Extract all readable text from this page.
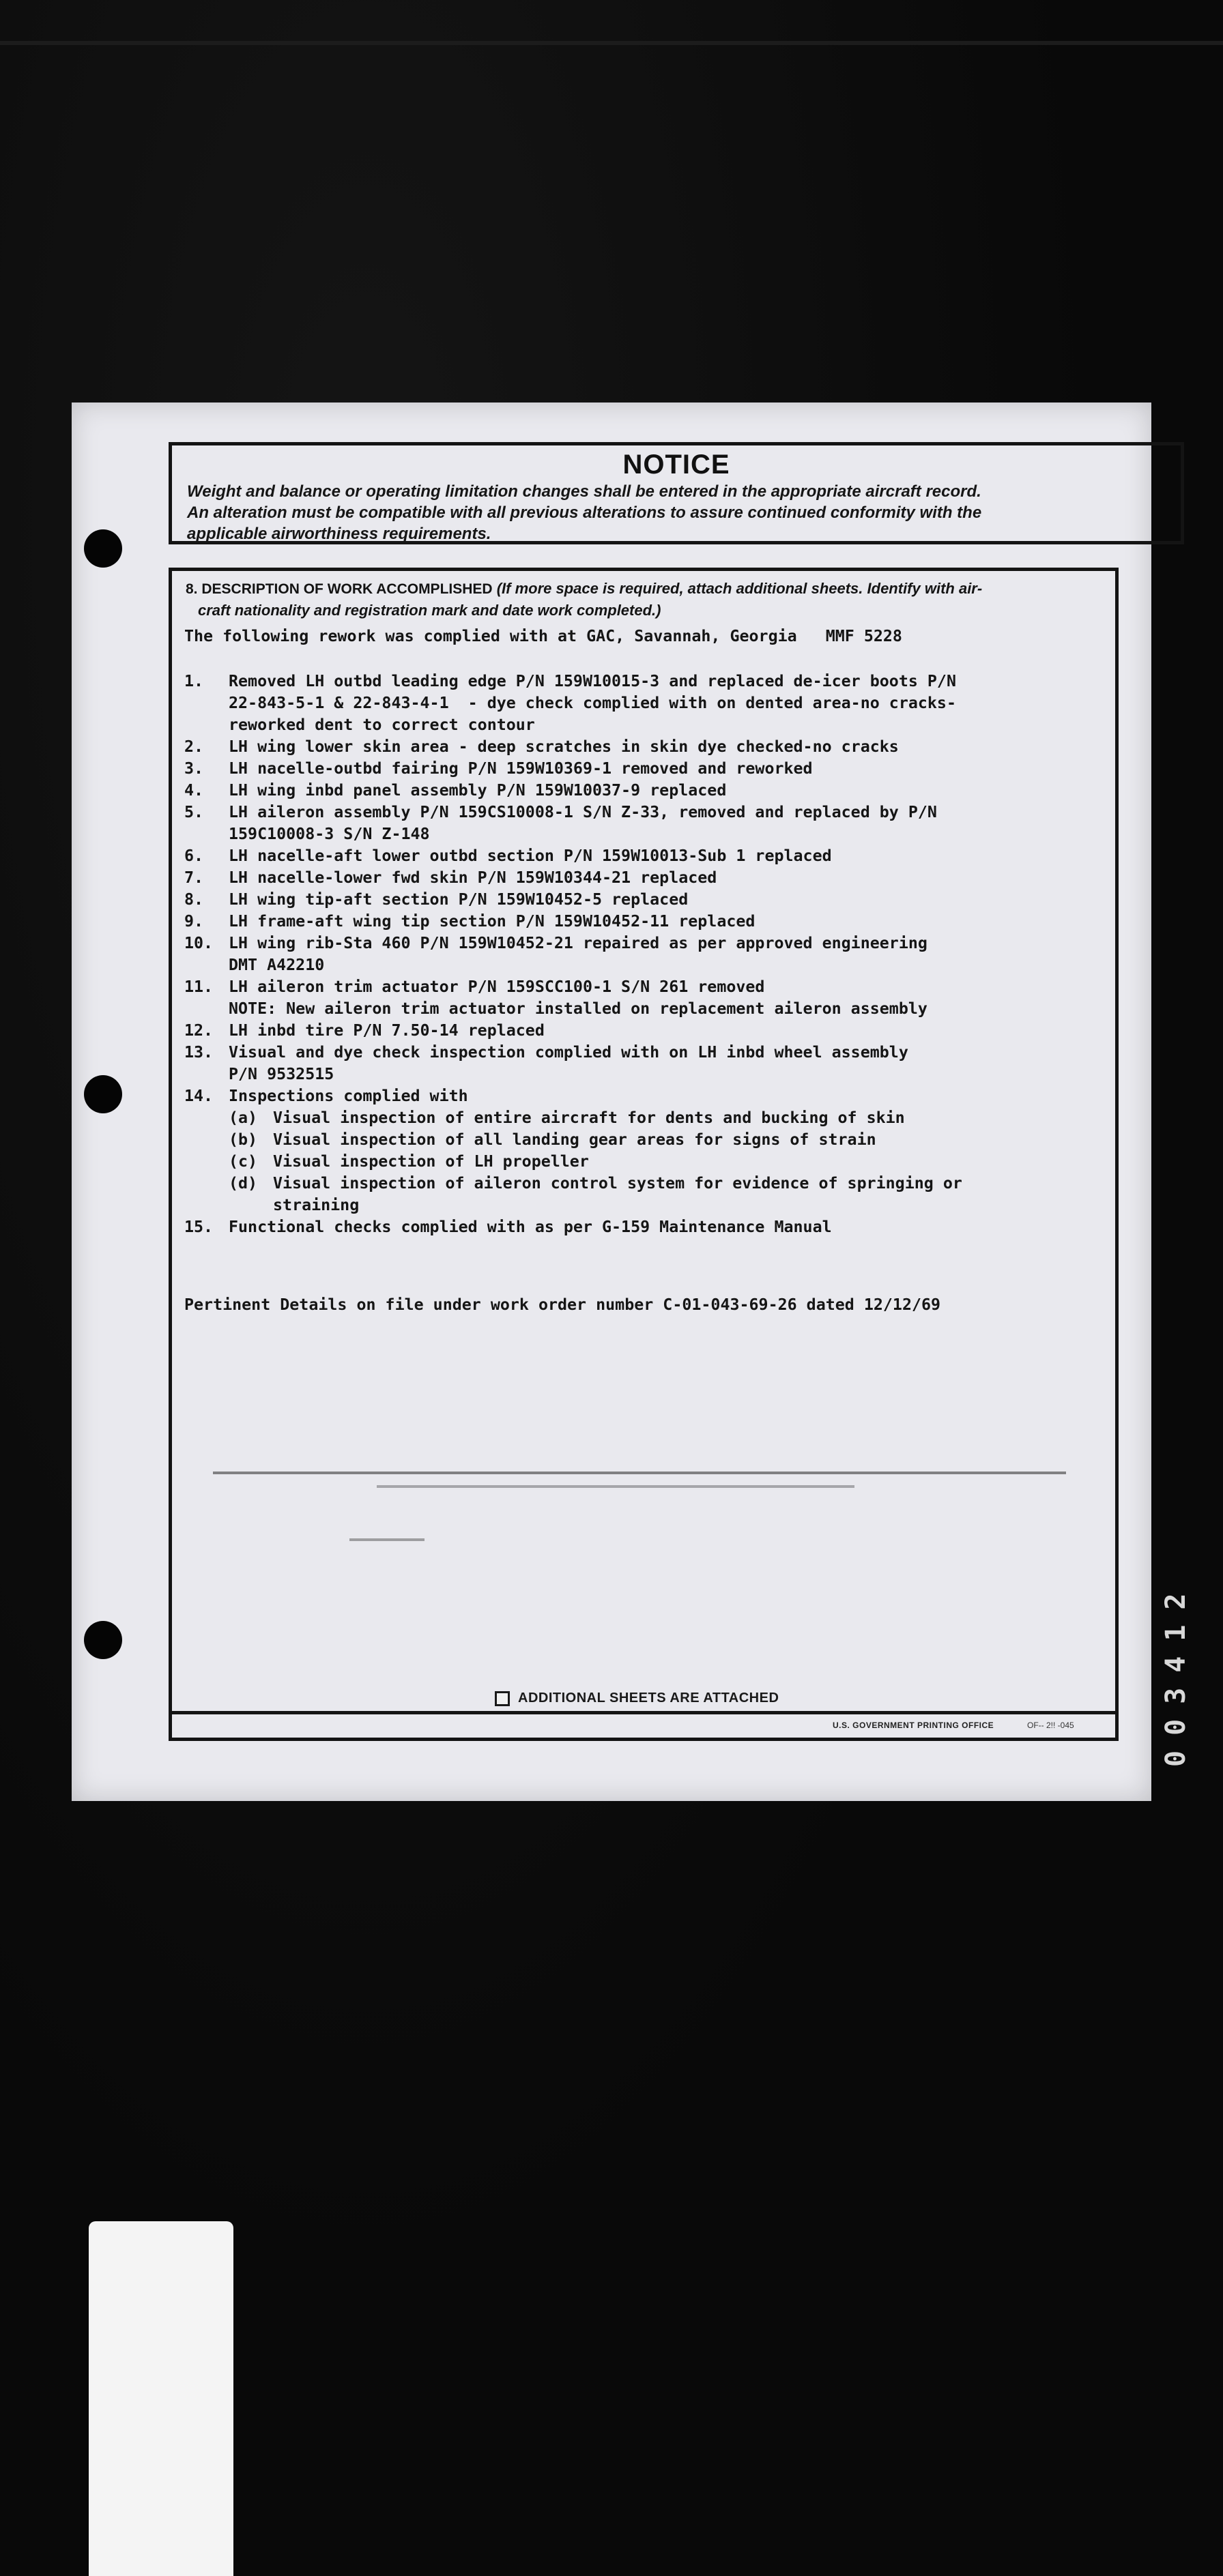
NOTICE
Weight and balance or operating limitation changes shall be entered in the appropriate aircraft record.
An alteration must be compatible with all previous alterations to assure continued conformity with the
applicable airworthiness requirements.
8. DESCRIPTION OF WORK ACCOMPLISHED (If more space is required, attach additional sheets. Identify with air-
craft nationality and registration mark and date work completed.)
The following rework was complied with at GAC, Savannah, Georgia   MMF 5228
1.	Removed LH outbd leading edge P/N 159W10015-3 and replaced de-icer boots P/N
22-843-5-1 & 22-843-4-1  - dye check complied with on dented area-no cracks-
reworked dent to correct contour
2.	LH wing lower skin area - deep scratches in skin dye checked-no cracks
3.	LH nacelle-outbd fairing P/N 159W10369-1 removed and reworked
4.	LH wing inbd panel assembly P/N 159W10037-9 replaced
5.	LH aileron assembly P/N 159CS10008-1 S/N Z-33, removed and replaced by P/N
159C10008-3 S/N Z-148
6.	LH nacelle-aft lower outbd section P/N 159W10013-Sub 1 replaced
7.	LH nacelle-lower fwd skin P/N 159W10344-21 replaced
8.	LH wing tip-aft section P/N 159W10452-5 replaced
9.	LH frame-aft wing tip section P/N 159W10452-11 replaced
10. LH wing rib-Sta 460 P/N 159W10452-21 repaired as per approved engineering
DMT A42210
11. LH aileron trim actuator P/N 159SCC100-1 S/N 261 removed
NOTE: New aileron trim actuator installed on replacement aileron assembly
12. LH inbd tire P/N 7.50-14 replaced
13. Visual and dye check inspection complied with on LH inbd wheel assembly
P/N 9532515
14. Inspections complied with
(a) Visual inspection of entire aircraft for dents and bucking of skin
(b) Visual inspection of all landing gear areas for signs of strain
(c) Visual inspection of LH propeller
(d) Visual inspection of aileron control system for evidence of springing or
straining
15. Functional checks complied with as per G-159 Maintenance Manual
Pertinent Details on file under work order number C-01-043-69-26 dated 12/12/69
ADDITIONAL SHEETS ARE ATTACHED
U.S. GOVERNMENT PRINTING OFFICE	OF-- 2!! -045
